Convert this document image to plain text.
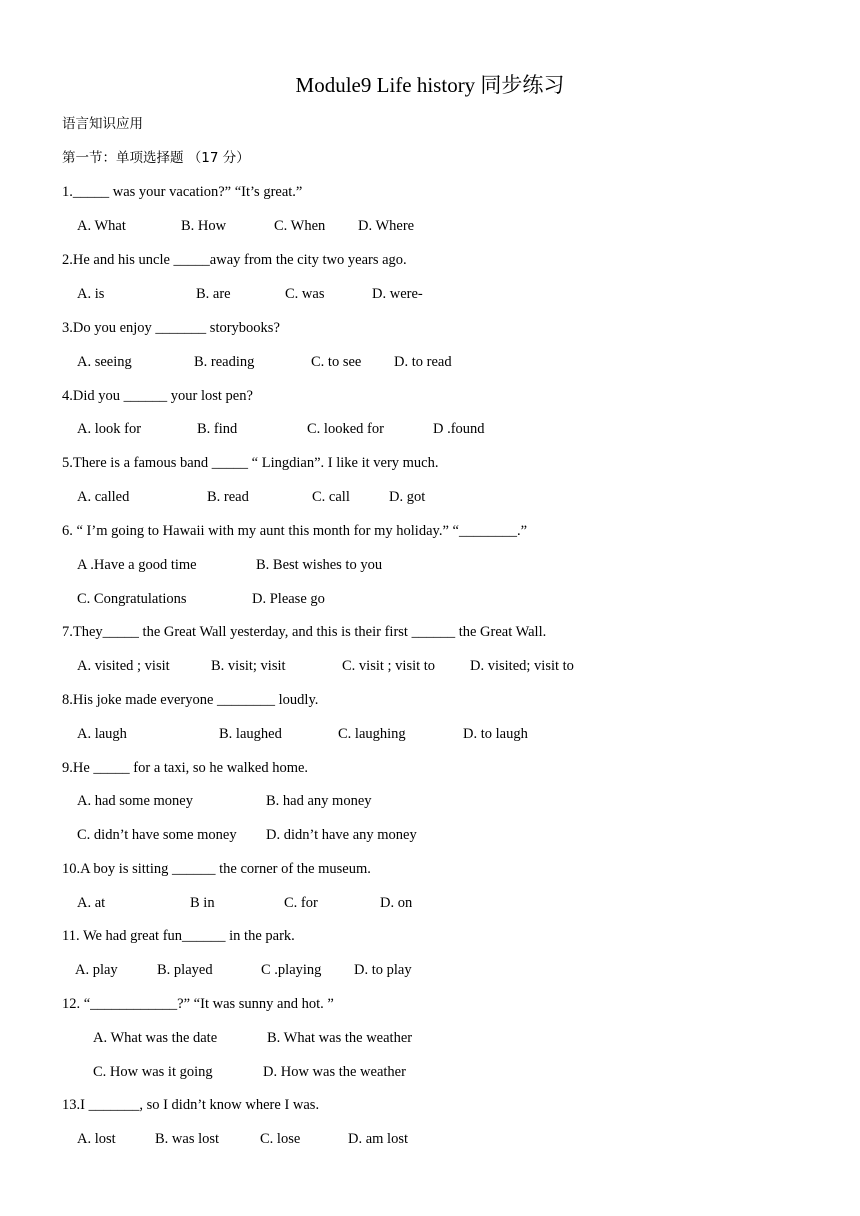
Module9 Life history 同步练习
语言知识应用
第一节：单项选择题 （17 分）
1._____ was your vacation?” “It’s great.”
A. What	B. How	C. When D. Where
2.He and his uncle _____away from the city two years ago.
A. is	B. are	C. was	D. were-
3.Do you enjoy _______ storybooks?
A. seeing	B. reading	C. to see D. to read
4.Did you ______ your lost pen?
A. look for	B. find	C. looked for	D .found
5.There is a famous band _____ “ Lingdian”. I like it very much.
A. called	B. read	C. call	D. got
6. “ I’m going to Hawaii with my aunt this month for my holiday.” “________.”
A .Have a good time	B. Best wishes to you
C. Congratulations	D. Please go
7.They_____ the Great Wall yesterday, and this is their first ______ the Great Wall.
A. visited ; visit	B. visit; visit	C. visit ; visit to D. visited; visit to
8.His joke made everyone ________ loudly.
A. laugh	B. laughed	C. laughing	D. to laugh
9.He _____ for a taxi, so he walked home.
A. had some money	B. had any money
C. didn’t have some money D. didn’t have any money
10.A boy is sitting ______ the corner of the museum.
A. at	B in	C. for	D. on
11. We had great fun______ in the park.
A. play	B. played	C .playing D. to play
12. “____________?” “It was sunny and hot. ”
A. What was the date	B. What was the weather
C. How was it going	D. How was the weather
13.I _______, so I didn’t know where I was.
A. lost	B. was lost	C. lose	D. am lost
